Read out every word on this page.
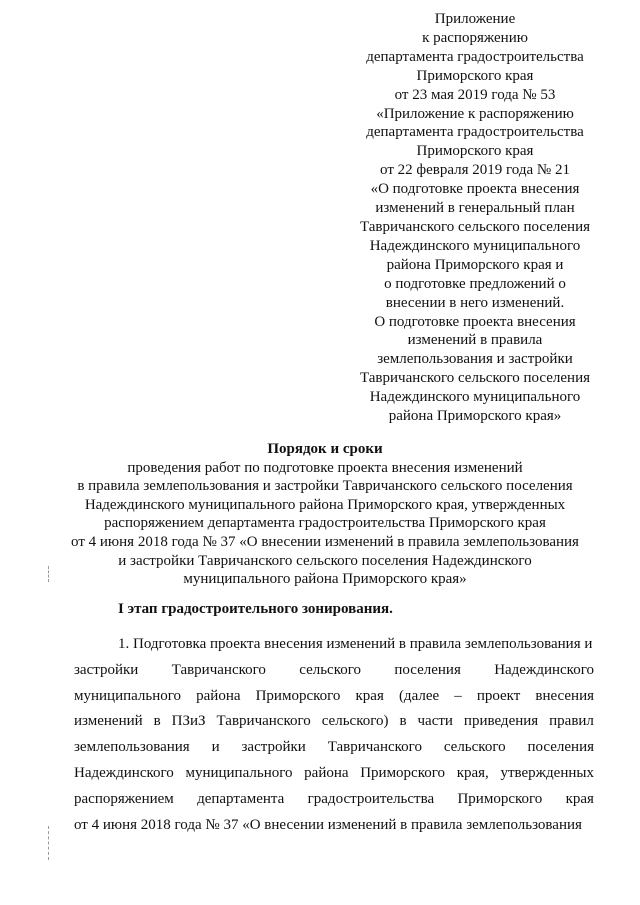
Приложение
к распоряжению
департамента градостроительства
Приморского края
от 23 мая 2019 года № 53
«Приложение к распоряжению
департамента градостроительства
Приморского края
от 22 февраля 2019 года № 21
«О подготовке проекта внесения
изменений в генеральный план
Тавричанского сельского поселения
Надеждинского муниципального
района Приморского края и
о подготовке предложений о
внесении в него изменений.
О подготовке проекта внесения
изменений в правила
землепользования и застройки
Тавричанского сельского поселения
Надеждинского муниципального
района Приморского края»
Порядок и сроки
проведения работ по подготовке проекта внесения изменений
в правила землепользования и застройки Тавричанского сельского поселения
Надеждинского муниципального района Приморского края, утвержденных
распоряжением департамента градостроительства Приморского края
от 4 июня 2018 года № 37 «О внесении изменений в правила землепользования
и застройки Тавричанского сельского поселения Надеждинского
муниципального района Приморского края»
I этап градостроительного зонирования.
1. Подготовка проекта внесения изменений в правила землепользования и
застройки Тавричанского сельского поселения Надеждинского
муниципального района Приморского края (далее – проект внесения
изменений в ПЗиЗ Тавричанского сельского) в части приведения правил
землепользования и застройки Тавричанского сельского поселения
Надеждинского муниципального района Приморского края, утвержденных
распоряжением департамента градостроительства Приморского края
от 4 июня 2018 года № 37 «О внесении изменений в правила землепользования
